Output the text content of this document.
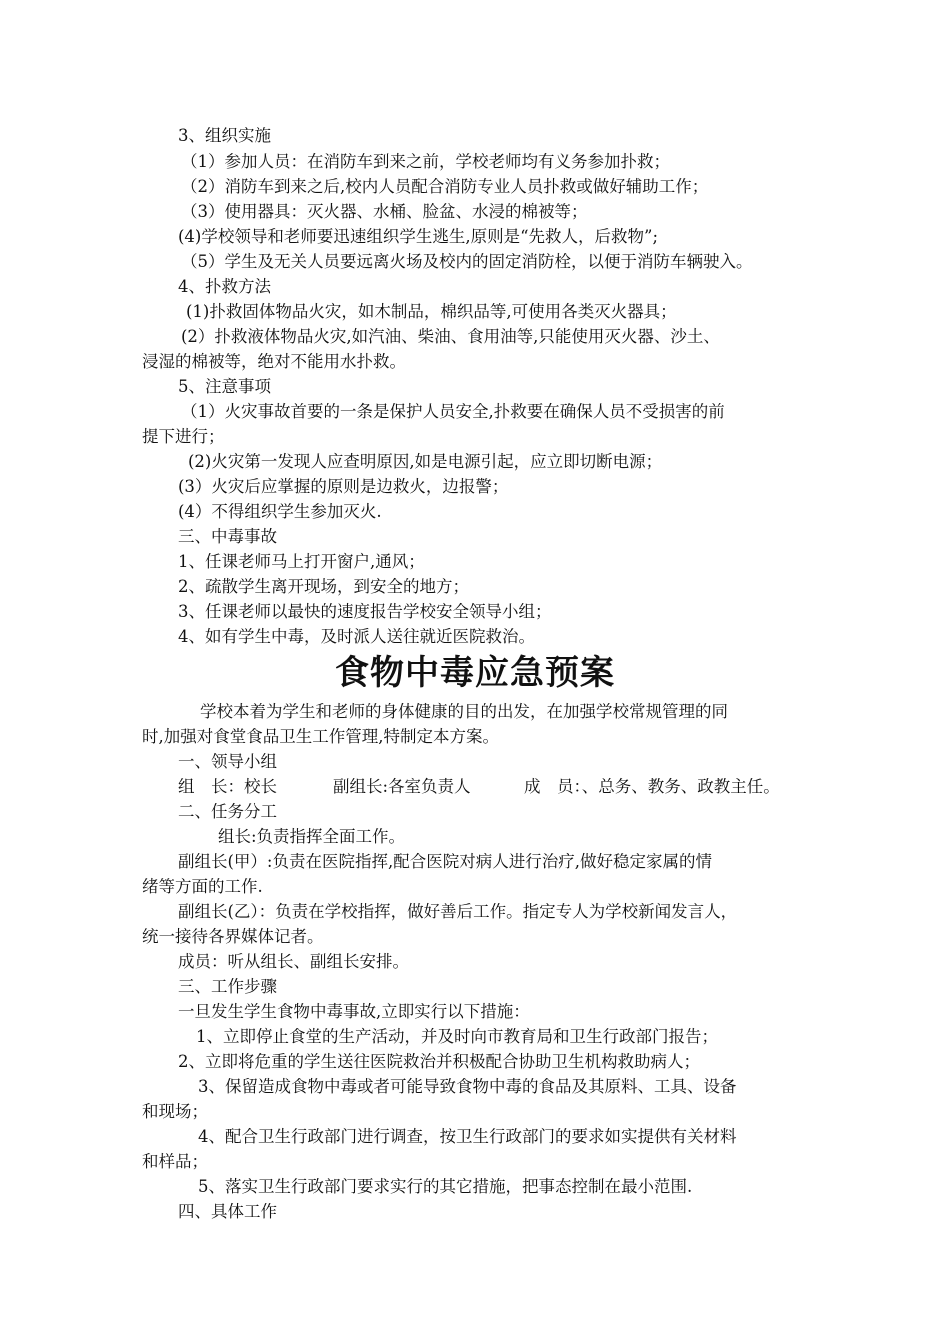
3、组织实施
（1）参加人员：在消防车到来之前，学校老师均有义务参加扑救；
（2）消防车到来之后,校内人员配合消防专业人员扑救或做好辅助工作；
（3）使用器具：灭火器、水桶、脸盆、水浸的棉被等；
(4)学校领导和老师要迅速组织学生逃生,原则是“先救人，后救物”;
（5）学生及无关人员要远离火场及校内的固定消防栓，以便于消防车辆驶入。
4、扑救方法
(1)扑救固体物品火灾，如木制品，棉织品等,可使用各类灭火器具；
(2）扑救液体物品火灾,如汽油、柴油、食用油等,只能使用灭火器、沙土、
浸湿的棉被等，绝对不能用水扑救。
5、注意事项
（1）火灾事故首要的一条是保护人员安全,扑救要在确保人员不受损害的前
提下进行；
(2)火灾第一发现人应查明原因,如是电源引起，应立即切断电源；
(3）火灾后应掌握的原则是边救火，边报警；
(4）不得组织学生参加灭火.
三、中毒事故
1、任课老师马上打开窗户,通风；
2、疏散学生离开现场，到安全的地方；
3、任课老师以最快的速度报告学校安全领导小组；
4、如有学生中毒，及时派人送往就近医院救治。
食物中毒应急预案
学校本着为学生和老师的身体健康的目的出发，在加强学校常规管理的同
时,加强对食堂食品卫生工作管理,特制定本方案。
一、领导小组
组　长：校长	副组长:各室负责人	成　员：、总务、教务、政教主任。
二、任务分工
组长:负责指挥全面工作。
副组长(甲）:负责在医院指挥,配合医院对病人进行治疗,做好稳定家属的情
绪等方面的工作.
副组长(乙）：负责在学校指挥，做好善后工作。指定专人为学校新闻发言人，
统一接待各界媒体记者。
成员：听从组长、副组长安排。
三、工作步骤
一旦发生学生食物中毒事故,立即实行以下措施：
1、立即停止食堂的生产活动，并及时向市教育局和卫生行政部门报告；
2、立即将危重的学生送往医院救治并积极配合协助卫生机构救助病人；
3、保留造成食物中毒或者可能导致食物中毒的食品及其原料、工具、设备
和现场；
4、配合卫生行政部门进行调查，按卫生行政部门的要求如实提供有关材料
和样品；
5、落实卫生行政部门要求实行的其它措施，把事态控制在最小范围.
四、具体工作
